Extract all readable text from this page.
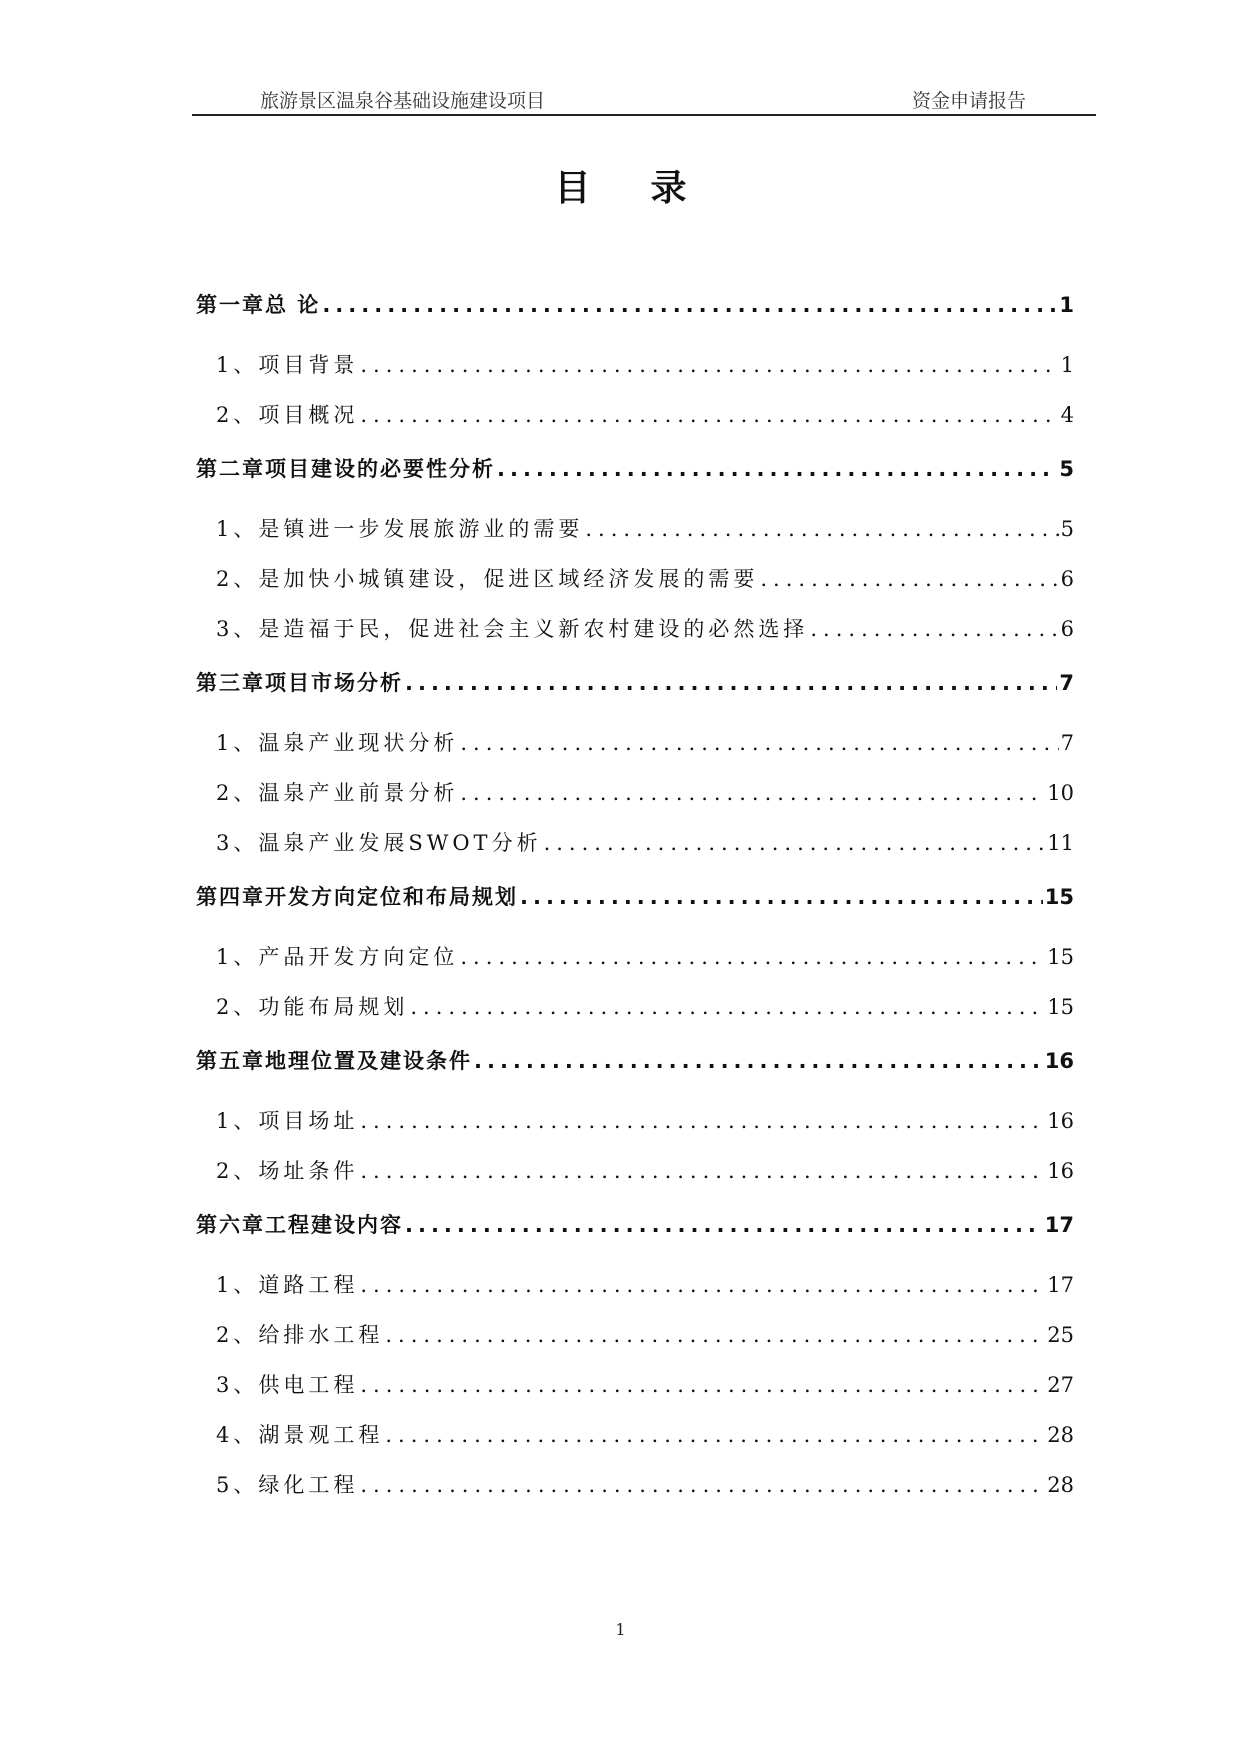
旅游景区温泉谷基础设施建设项目	资金申请报告
目录
第一章 总 论 .....	1
1、 项目背景 .....	1
2、 项目概况 .....	4
第二章 项目建设的必要性分析 .....	5
1、 是镇进一步发展旅游业的需要 .....	5
2、 是加快小城镇建设，促进区域经济发展的需要 .....	6
3、 是造福于民，促进社会主义新农村建设的必然选择 .....	6
第三章 项目市场分析 .....	7
1、 温泉产业现状分析 .....	7
2、 温泉产业前景分析 .....	10
3、 温泉产业发展SWOT分析 .....	11
第四章 开发方向定位和布局规划 .....	15
1、 产品开发方向定位 .....	15
2、 功能布局规划 .....	15
第五章 地理位置及建设条件 .....	16
1、 项目场址 .....	16
2、 场址条件 .....	16
第六章 工程建设内容 .....	17
1、 道路工程 .....	17
2、 给排水工程 .....	25
3、 供电工程 .....	27
4、 湖景观工程 .....	28
5、 绿化工程 .....	28
1
